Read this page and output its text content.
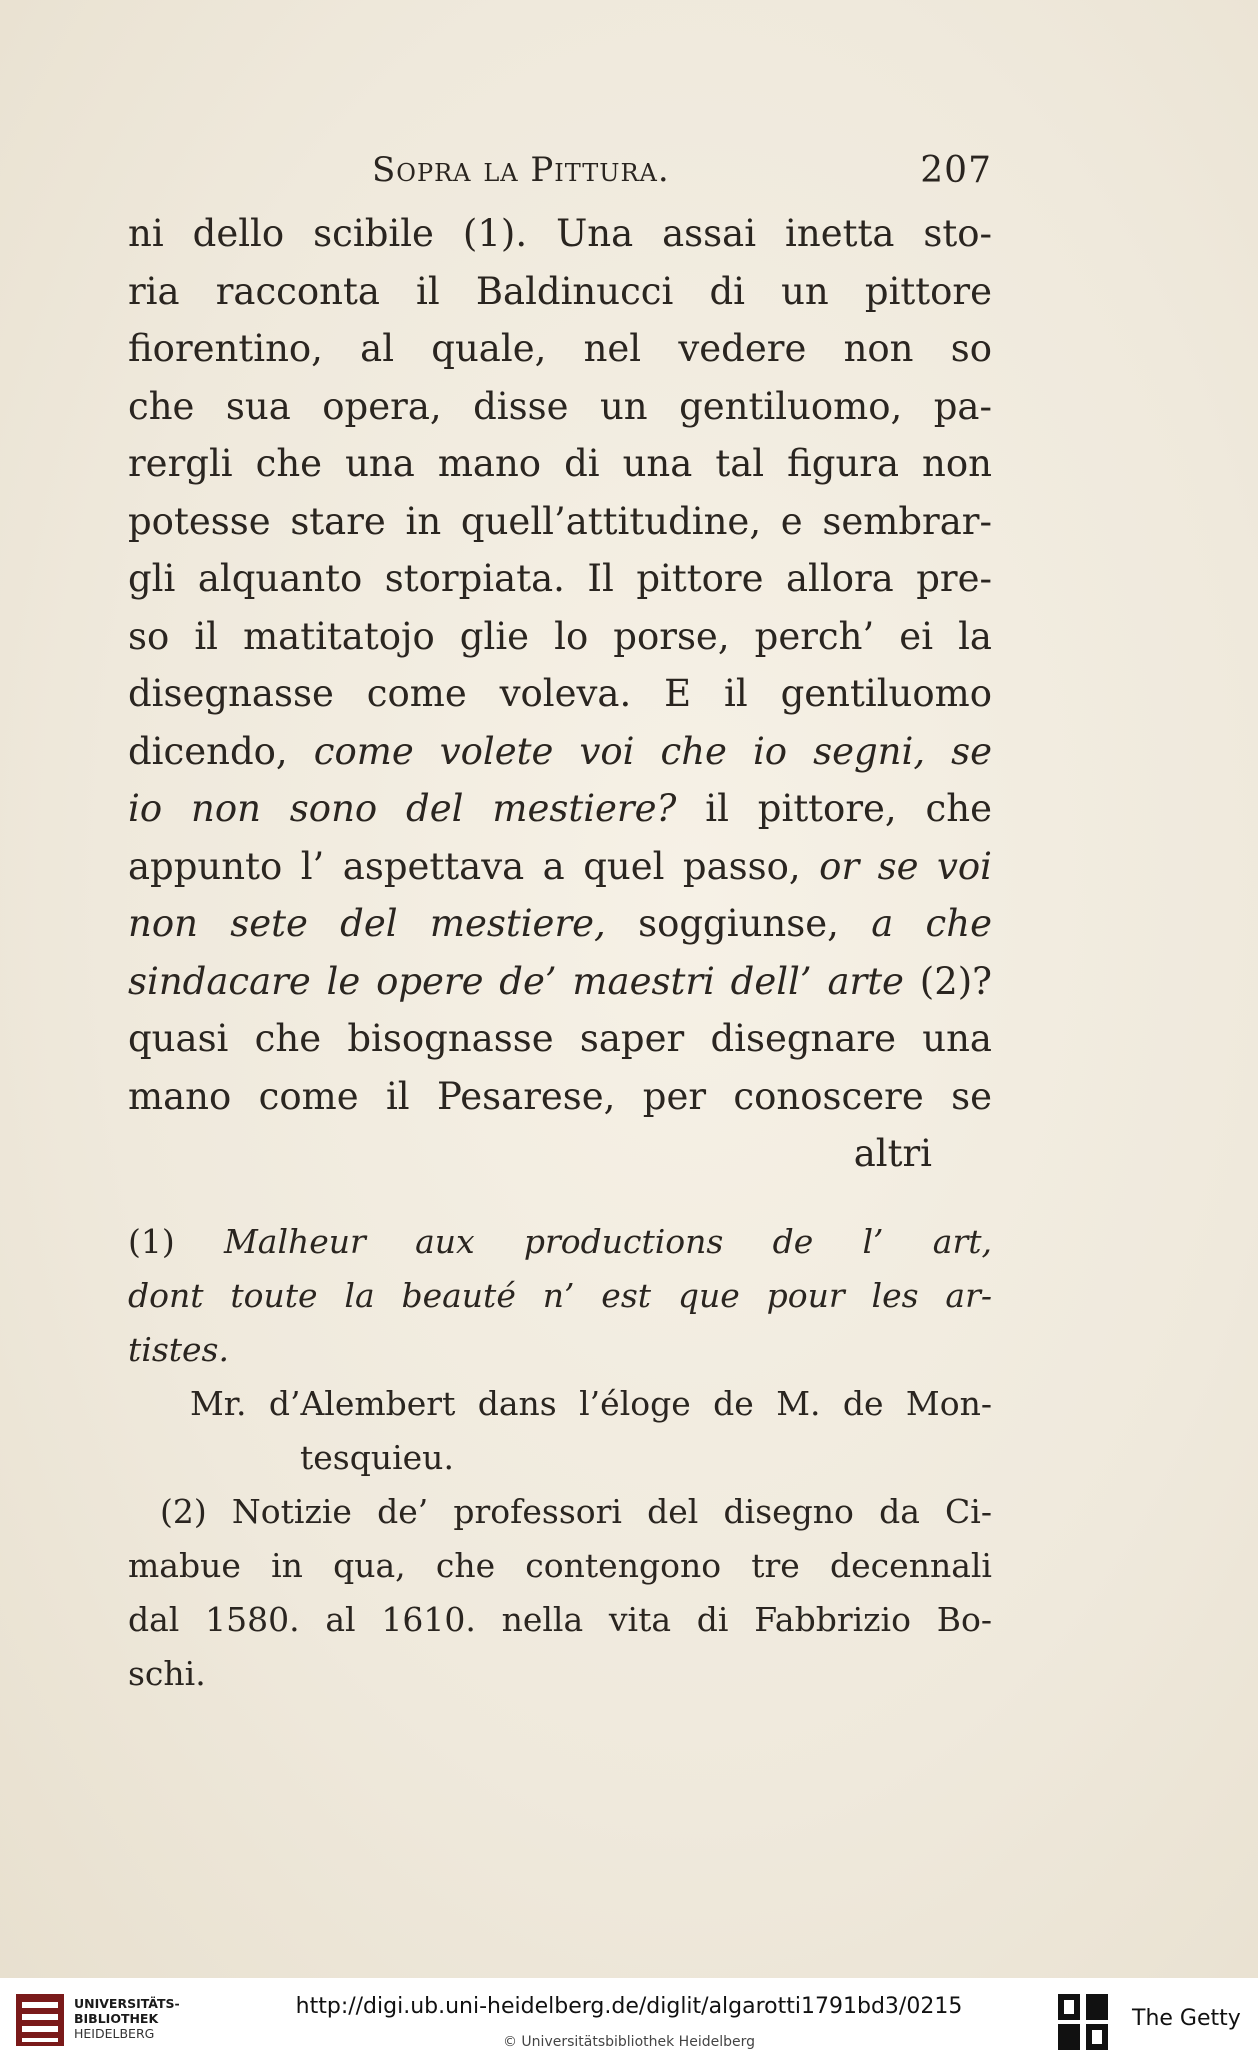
Sopra la Pittura.	207
ni dello scibile (1). Una assai inetta sto-
ria racconta il Baldinucci di un pittore
fiorentino, al quale, nel vedere non so
che sua opera, disse un gentiluomo, pa-
rergli che una mano di una tal figura non
potesse stare in quell’attitudine, e sembrar-
gli alquanto storpiata. Il pittore allora pre-
so il matitatojo glie lo porse, perch’ ei la
disegnasse come voleva. E il gentiluomo
dicendo, come volete voi che io segni, se
io non sono del mestiere? il pittore, che
appunto l’ aspettava a quel passo, or se voi
non sete del mestiere, soggiunse, a che
sindacare le opere de’ maestri dell’ arte (2)?
quasi che bisognasse saper disegnare una
mano come il Pesarese, per conoscere se
altri
(1) Malheur aux productions de l’ art,
dont toute la beauté n’ est que pour les ar-
tistes.
Mr. d’Alembert dans l’éloge de M. de Mon-
tesquieu.
(2) Notizie de’ professori del disegno da Ci-
mabue in qua, che contengono tre decennali
dal 1580. al 1610. nella vita di Fabbrizio Bo-
schi.
UNIVERSITÄTS-
BIBLIOTHEK
HEIDELBERG
http://digi.ub.uni-heidelberg.de/diglit/algarotti1791bd3/0215
© Universitätsbibliothek Heidelberg
The Getty
